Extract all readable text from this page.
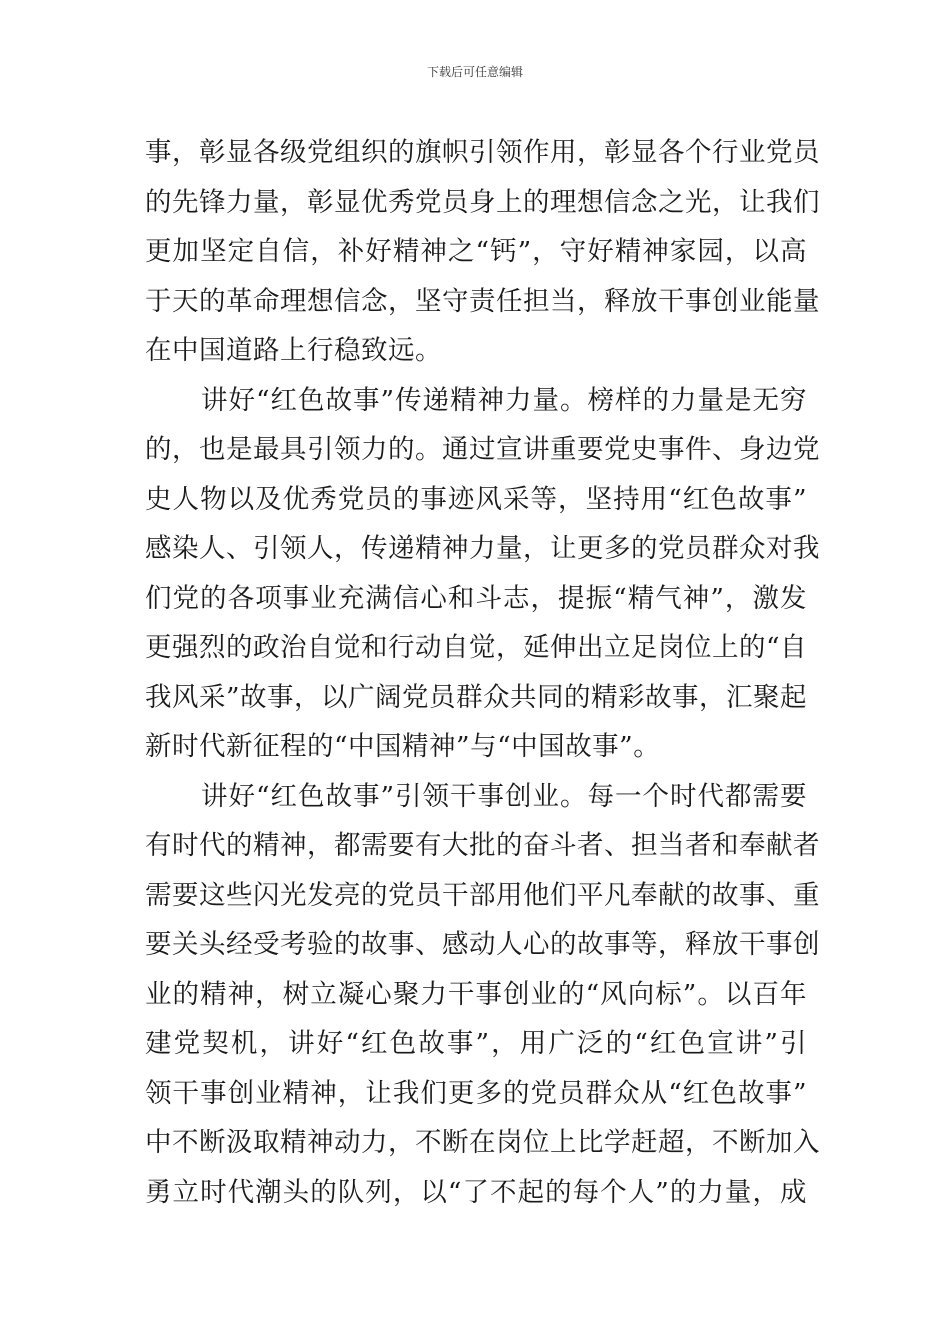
下载后可任意编辑
事，彰显各级党组织的旗帜引领作用，彰显各个行业党员
的先锋力量，彰显优秀党员身上的理想信念之光，让我们
更加坚定自信，补好精神之“钙”，守好精神家园，以高
于天的革命理想信念，坚守责任担当，释放干事创业能量
在中国道路上行稳致远。
讲好“红色故事”传递精神力量。榜样的力量是无穷
的，也是最具引领力的。通过宣讲重要党史事件、身边党
史人物以及优秀党员的事迹风采等，坚持用“红色故事”
感染人、引领人，传递精神力量，让更多的党员群众对我
们党的各项事业充满信心和斗志，提振“精气神”，激发
更强烈的政治自觉和行动自觉，延伸出立足岗位上的“自
我风采”故事，以广阔党员群众共同的精彩故事，汇聚起
新时代新征程的“中国精神”与“中国故事”。
讲好“红色故事”引领干事创业。每一个时代都需要
有时代的精神，都需要有大批的奋斗者、担当者和奉献者
需要这些闪光发亮的党员干部用他们平凡奉献的故事、重
要关头经受考验的故事、感动人心的故事等，释放干事创
业的精神，树立凝心聚力干事创业的“风向标”。以百年
建党契机，讲好“红色故事”，用广泛的“红色宣讲”引
领干事创业精神，让我们更多的党员群众从“红色故事”
中不断汲取精神动力，不断在岗位上比学赶超，不断加入
勇立时代潮头的队列，以“了不起的每个人”的力量，成
